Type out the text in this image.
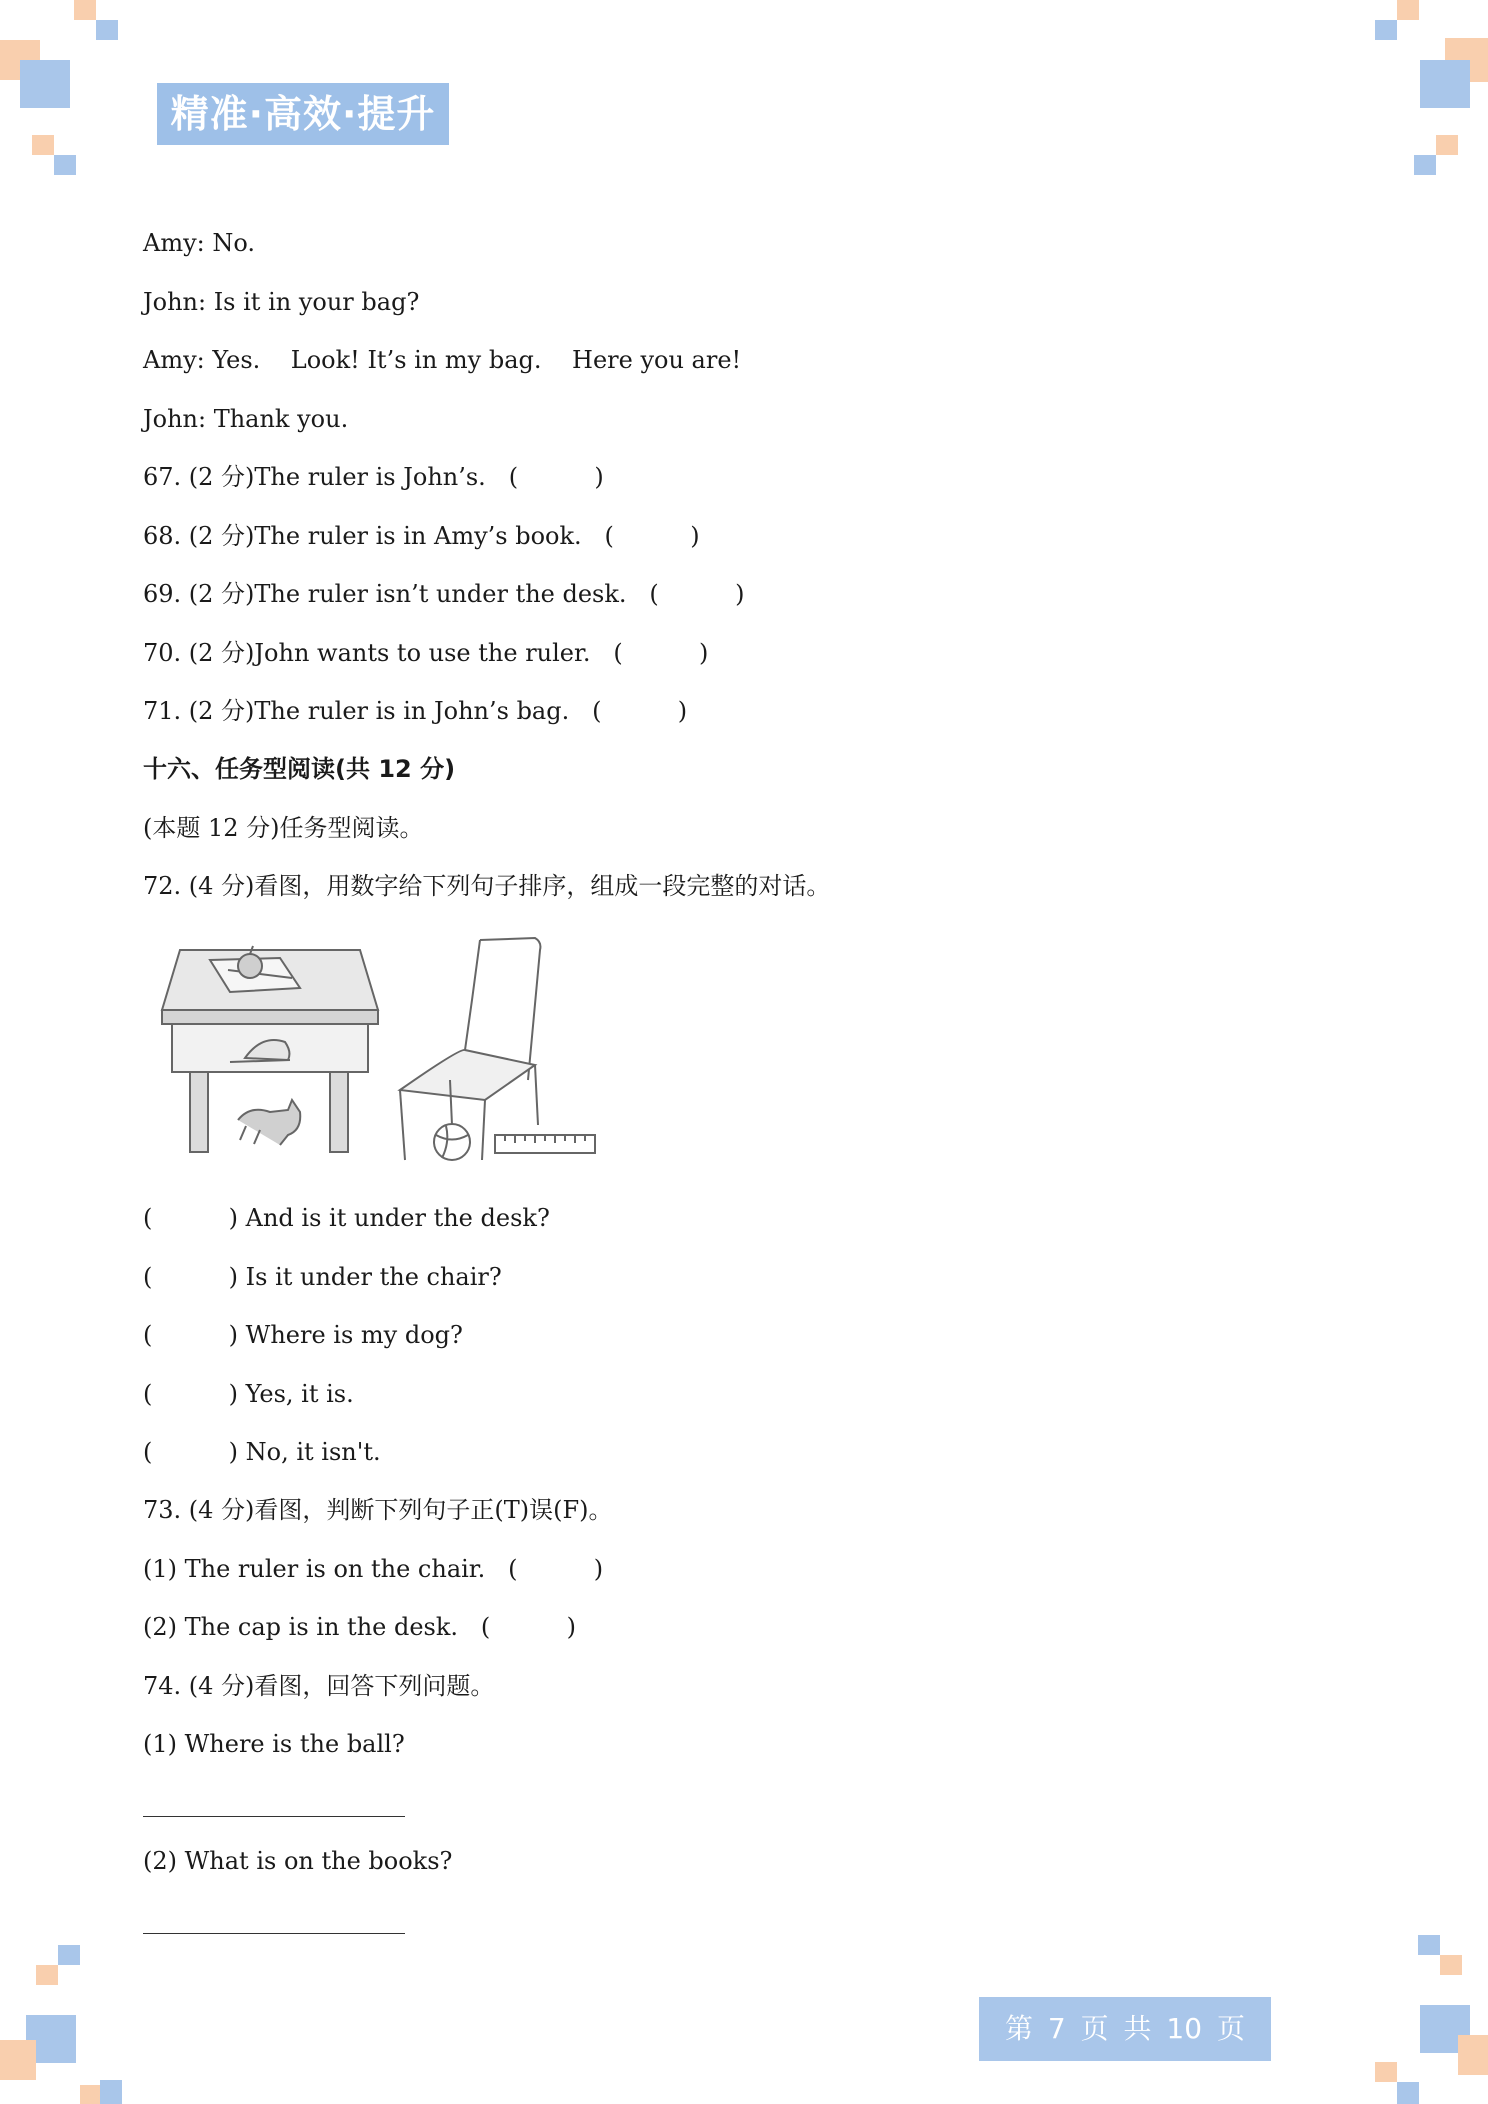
精准·高效·提升
Amy: No.
John: Is it in your bag?
Amy: Yes.    Look! It’s in my bag.    Here you are!
John: Thank you.
67. (2 分)The ruler is John’s.   (          )
68. (2 分)The ruler is in Amy’s book.   (          )
69. (2 分)The ruler isn’t under the desk.   (          )
70. (2 分)John wants to use the ruler.   (          )
71. (2 分)The ruler is in John’s bag.   (          )
十六、任务型阅读(共 12 分)
(本题 12 分)任务型阅读。
72. (4 分)看图，用数字给下列句子排序，组成一段完整的对话。
(          ) And is it under the desk?
(          ) Is it under the chair?
(          ) Where is my dog?
(          ) Yes, it is.
(          ) No, it isn't.
73. (4 分)看图，判断下列句子正(T)误(F)。
(1) The ruler is on the chair.   (          )
(2) The cap is in the desk.   (          )
74. (4 分)看图，回答下列问题。
(1) Where is the ball?
(2) What is on the books?
第 7 页 共 10 页
